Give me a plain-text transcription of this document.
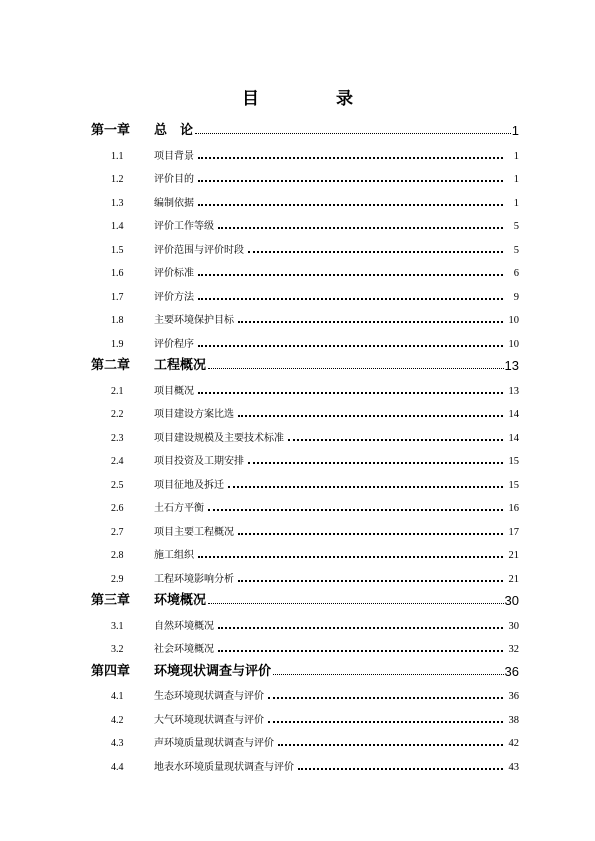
目　录
第一章	总　论	1
1.1	项目背景	1
1.2	评价目的	1
1.3	编制依据	1
1.4	评价工作等级	5
1.5	评价范围与评价时段	5
1.6	评价标准	6
1.7	评价方法	9
1.8	主要环境保护目标	10
1.9	评价程序	10
第二章	工程概况	13
2.1	项目概况	13
2.2	项目建设方案比选	14
2.3	项目建设规模及主要技术标准	14
2.4	项目投资及工期安排	15
2.5	项目征地及拆迁	15
2.6	土石方平衡	16
2.7	项目主要工程概况	17
2.8	施工组织	21
2.9	工程环境影响分析	21
第三章	环境概况	30
3.1	自然环境概况	30
3.2	社会环境概况	32
第四章	环境现状调查与评价	36
4.1	生态环境现状调查与评价	36
4.2	大气环境现状调查与评价	38
4.3	声环境质量现状调查与评价	42
4.4	地表水环境质量现状调查与评价	43
